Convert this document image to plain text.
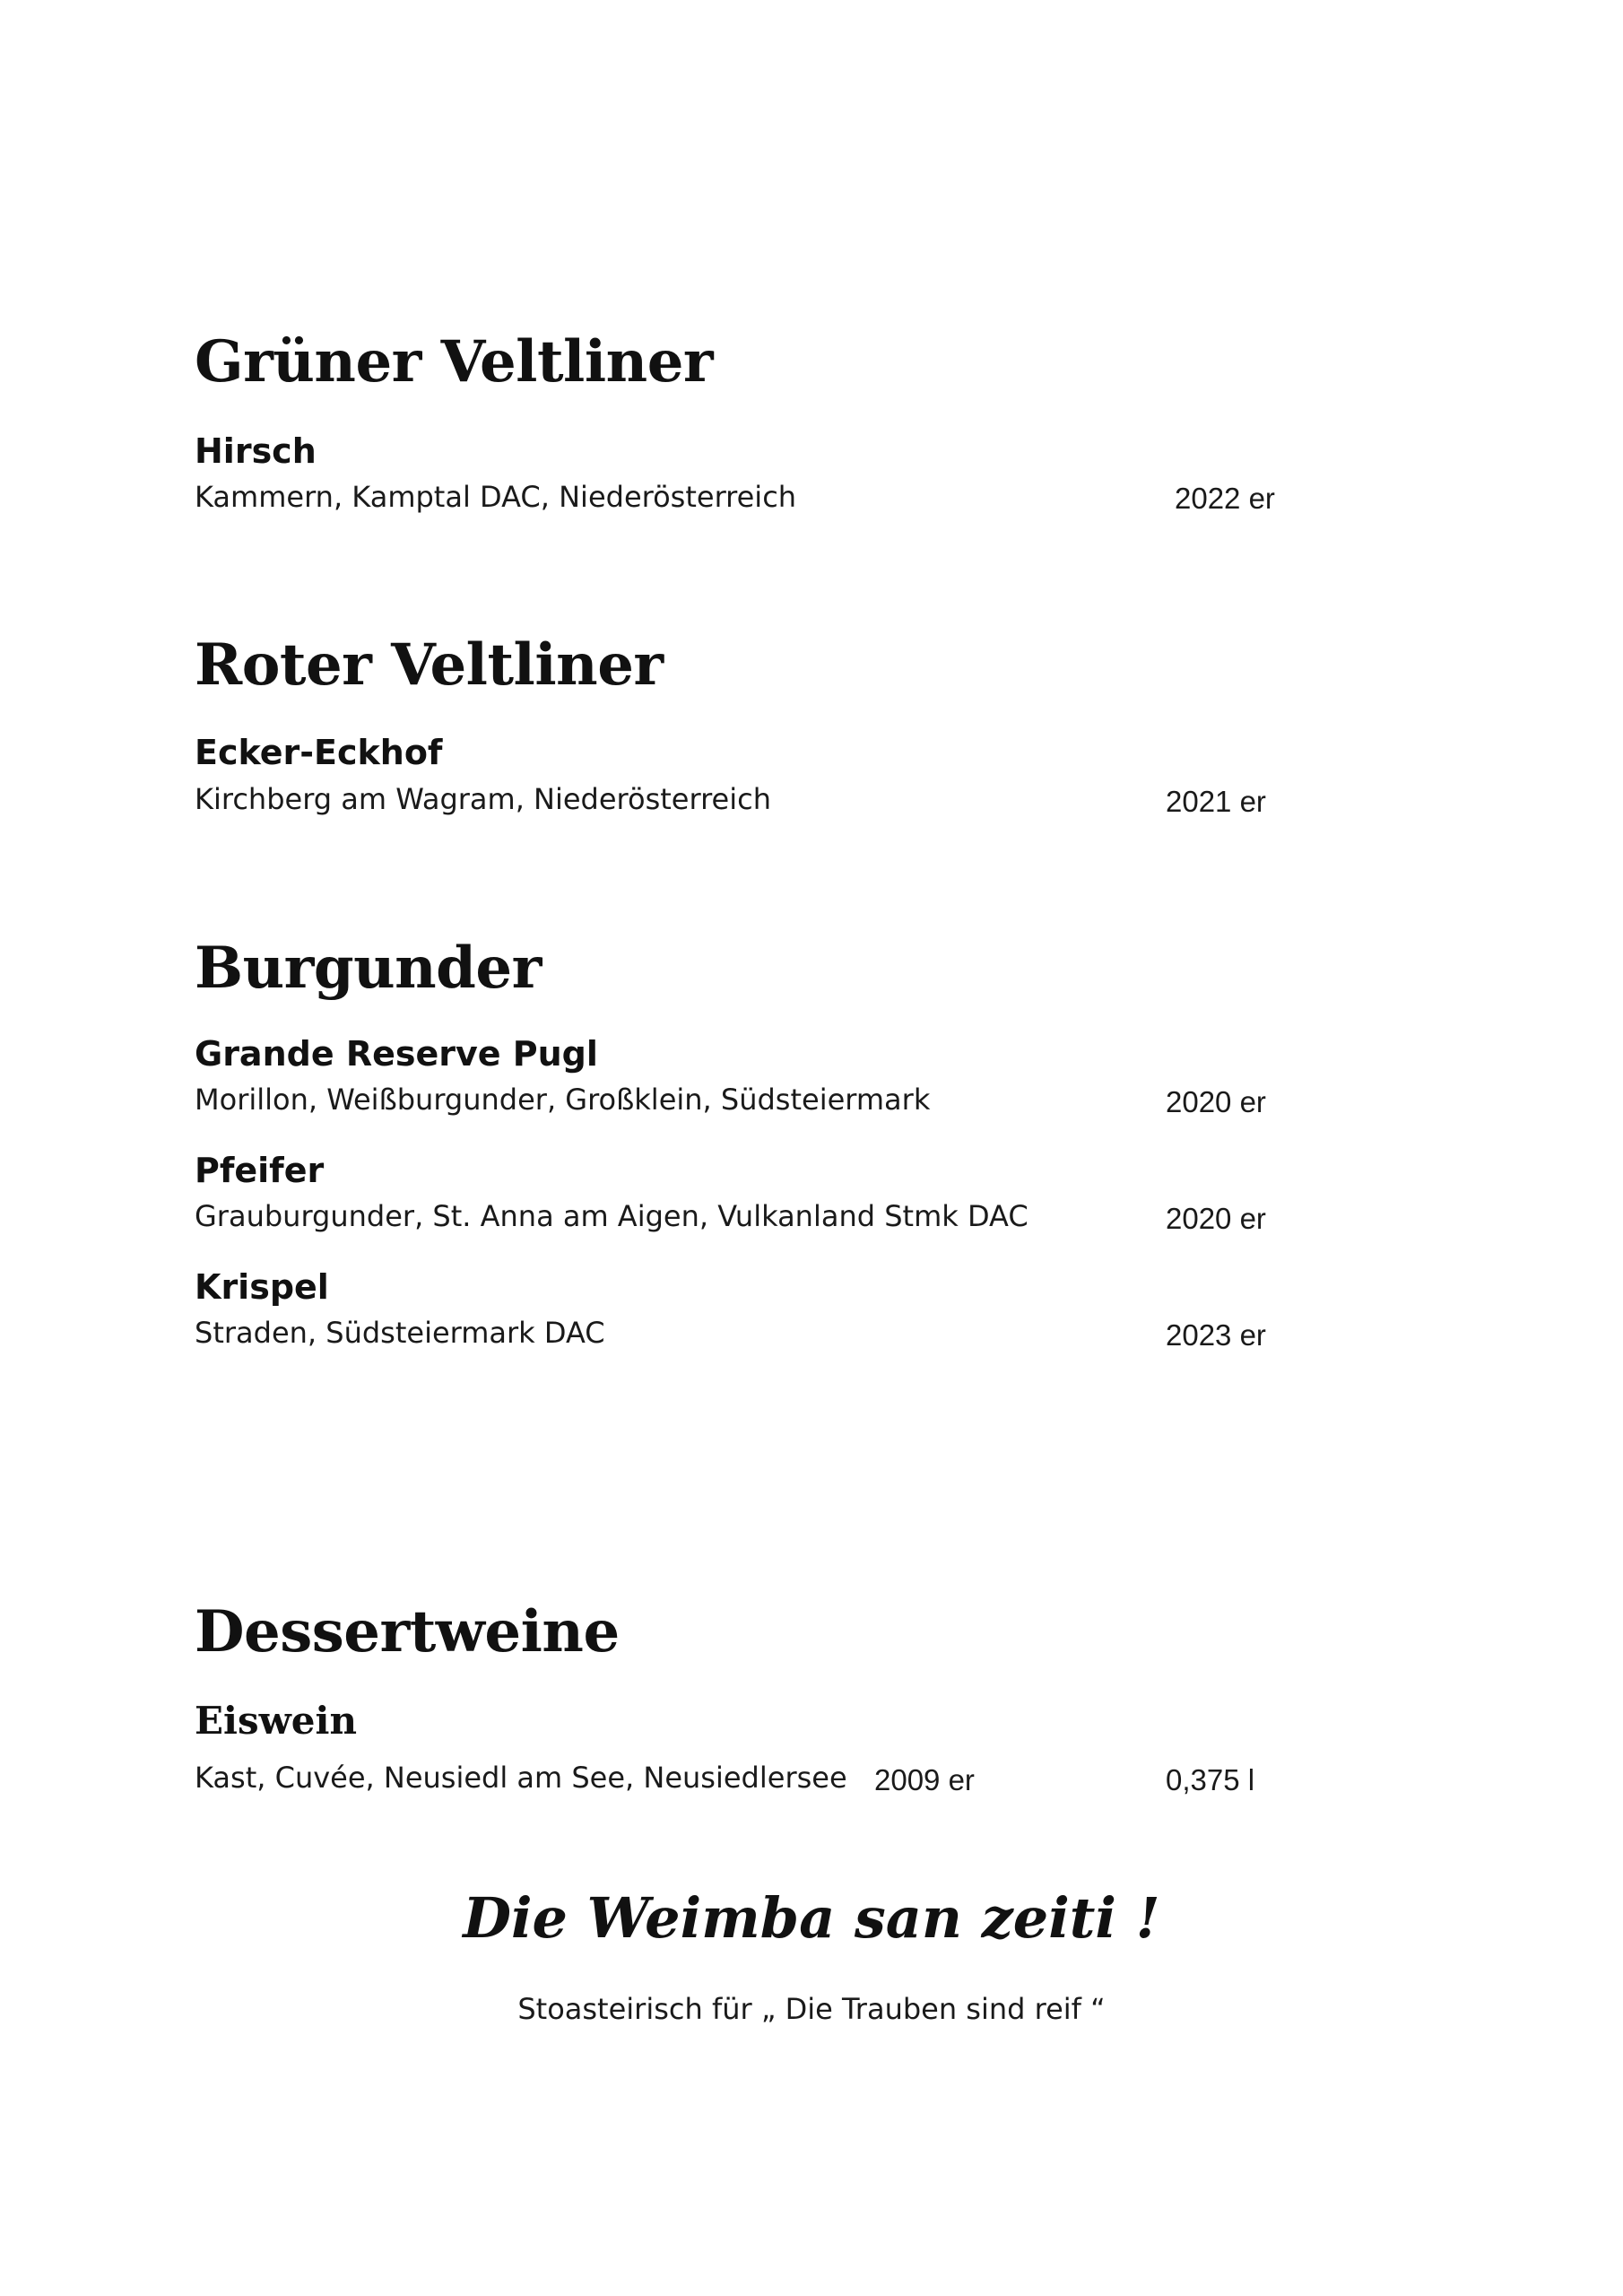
Grüner Veltliner

Hirsch

Kammern, Kamptal DAC, Niederösterreich	2022 er

Roter Veltliner

Ecker-Eckhof

Kirchberg am Wagram, Niederösterreich	2021 er

Burgunder

Grande Reserve Pugl

Morillon, Weißburgunder, Großklein, Südsteiermark	2020 er

Pfeifer

Grauburgunder, St. Anna am Aigen, Vulkanland Stmk DAC	2020 er

Krispel

Straden, Südsteiermark DAC	2023 er

Dessertweine

Eiswein

Kast, Cuvée, Neusiedl am See, Neusiedlersee 2009 er	0,375 l

Die Weimba san zeiti !

Stoasteirisch für „ Die Trauben sind reif “
